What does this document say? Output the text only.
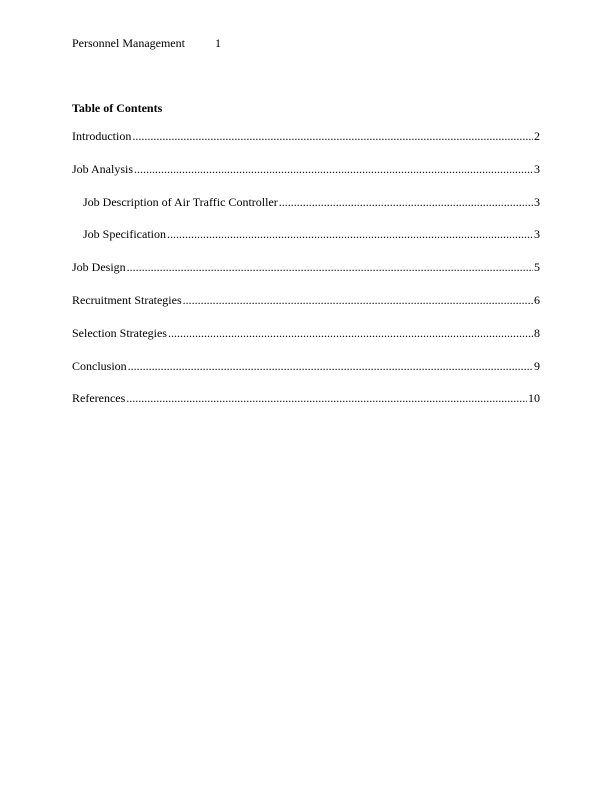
Personnel Management	1
Table of Contents
Introduction .....	2
Job Analysis .....	3
Job Description of Air Traffic Controller .....	3
Job Specification .....	3
Job Design .....	5
Recruitment Strategies .....	6
Selection Strategies .....	8
Conclusion .....	9
References .....	10
